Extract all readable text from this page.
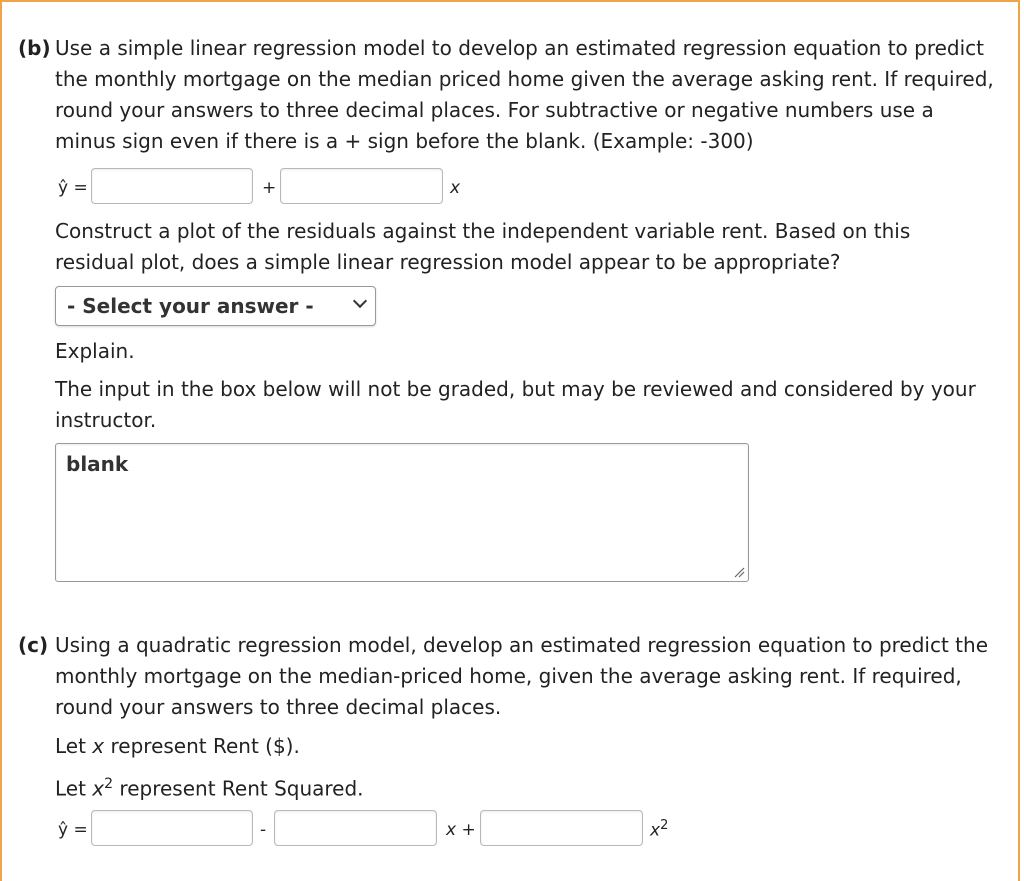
(b) Use a simple linear regression model to develop an estimated regression equation to predict
the monthly mortgage on the median priced home given the average asking rent. If required,
round your answers to three decimal places. For subtractive or negative numbers use a
minus sign even if there is a + sign before the blank. (Example: -300)
ŷ =	+	x
Construct a plot of the residuals against the independent variable rent. Based on this
residual plot, does a simple linear regression model appear to be appropriate?
- Select your answer -
Explain.
The input in the box below will not be graded, but may be reviewed and considered by your
instructor.
blank
(c) Using a quadratic regression model, develop an estimated regression equation to predict the
monthly mortgage on the median-priced home, given the average asking rent. If required,
round your answers to three decimal places.
Let x represent Rent ($).
Let $x^2$ represent Rent Squared.
ŷ =	-	x +	$x^2$
